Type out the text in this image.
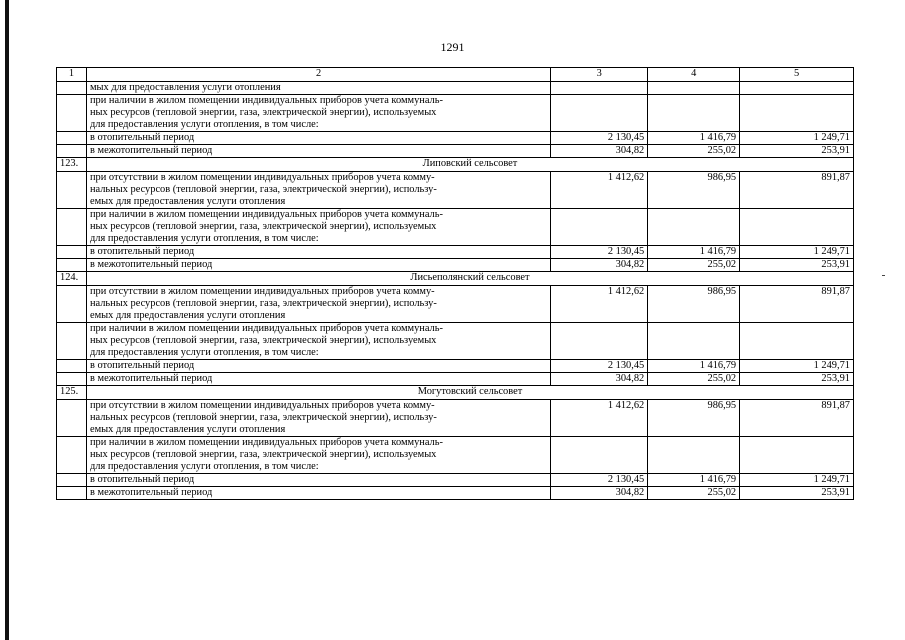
1291
1	2	3	4	5
	мых для предоставления услуги отопления			
	при наличии в жилом помещении индивидуальных приборов учета коммуналь-
ных ресурсов (тепловой энергии, газа, электрической энергии), используемых
для предоставления услуги отопления, в том числе:			
	в отопительный период	2 130,45	1 416,79	1 249,71
	в межотопительный период	304,82	255,02	253,91
123.	Липовский сельсовет			
	при отсутствии в жилом помещении индивидуальных приборов учета комму-
нальных ресурсов (тепловой энергии, газа, электрической энергии), использу-
емых для предоставления услуги отопления	1 412,62	986,95	891,87
	при наличии в жилом помещении индивидуальных приборов учета коммуналь-
ных ресурсов (тепловой энергии, газа, электрической энергии), используемых
для предоставления услуги отопления, в том числе:			
	в отопительный период	2 130,45	1 416,79	1 249,71
	в межотопительный период	304,82	255,02	253,91
124.	Лисьеполянский сельсовет			
	при отсутствии в жилом помещении индивидуальных приборов учета комму-
нальных ресурсов (тепловой энергии, газа, электрической энергии), использу-
емых для предоставления услуги отопления	1 412,62	986,95	891,87
	при наличии в жилом помещении индивидуальных приборов учета коммуналь-
ных ресурсов (тепловой энергии, газа, электрической энергии), используемых
для предоставления услуги отопления, в том числе:			
	в отопительный период	2 130,45	1 416,79	1 249,71
	в межотопительный период	304,82	255,02	253,91
125.	Могутовский сельсовет			
	при отсутствии в жилом помещении индивидуальных приборов учета комму-
нальных ресурсов (тепловой энергии, газа, электрической энергии), использу-
емых для предоставления услуги отопления	1 412,62	986,95	891,87
	при наличии в жилом помещении индивидуальных приборов учета коммуналь-
ных ресурсов (тепловой энергии, газа, электрической энергии), используемых
для предоставления услуги отопления, в том числе:			
	в отопительный период	2 130,45	1 416,79	1 249,71
	в межотопительный период	304,82	255,02	253,91
